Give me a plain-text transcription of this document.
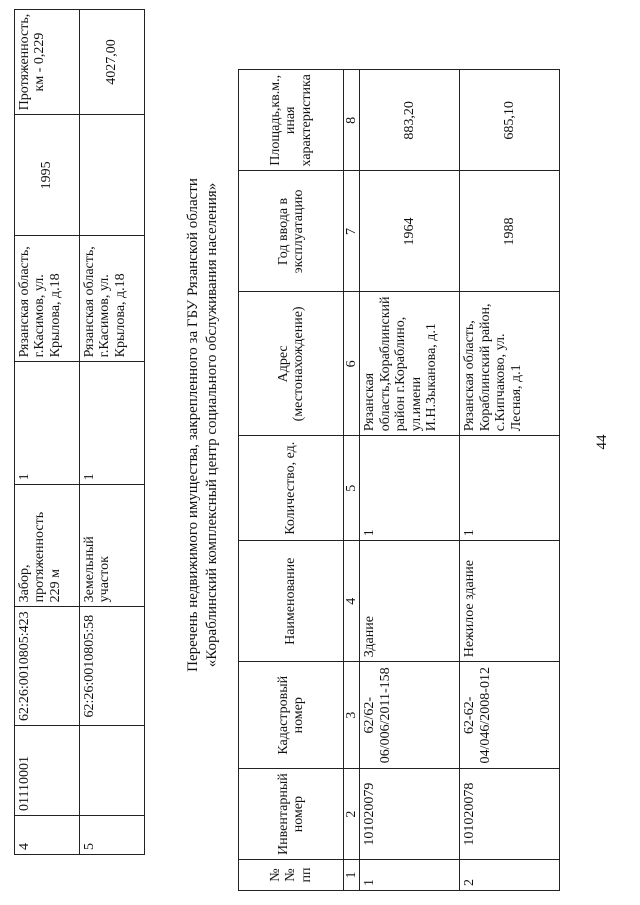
44
4	01110001	62:26:0010805:423	Забор, протяженность 229 м	1	Рязанская область, г.Касимов, ул. Крылова, д.18	1995	Протяженность, км - 0,229
5		62:26:0010805:58	Земельный участок	1	Рязанская область, г.Касимов, ул. Крылова, д.18		4027,00
Перечень недвижимого имущества, закрепленного за ГБУ Рязанской области «Кораблинский комплексный центр социального обслуживания населения»
№ № пп	Инвентарный номер	Кадастровый номер	Наименование	Количество, ед.	Адрес (местонахождение)	Год ввода в эксплуатацию	Площадь,кв.м., иная характеристика
1	2	3	4	5	6	7	8
1	101020079	62/62-06/006/2011-158	Здание	1	Рязанская область,Кораблинский район г.Кораблино, ул.имени И.Н.Зыканова, д.1	1964	883,20
2	101020078	62-62-04/046/2008-012	Нежилое здание	1	Рязанская область, Кораблинский район, с.Кипчаково, ул. Лесная, д.1	1988	685,10
